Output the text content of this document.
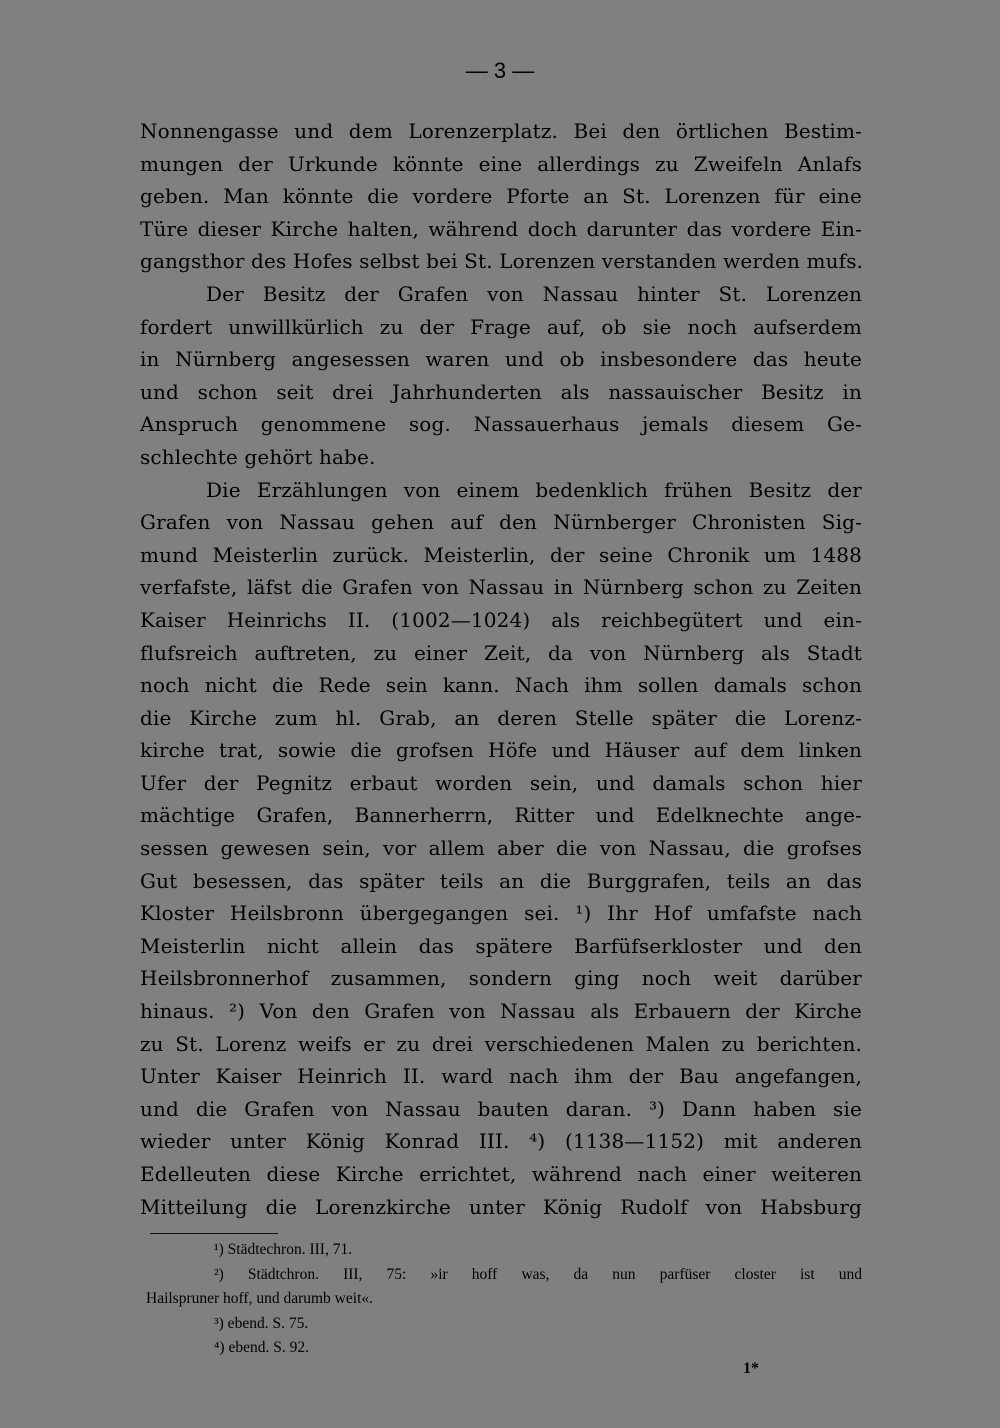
— 3 —
Nonnengasse und dem Lorenzerplatz. Bei den örtlichen Bestim-
mungen der Urkunde könnte eine allerdings zu Zweifeln Anlafs
geben. Man könnte die vordere Pforte an St. Lorenzen für eine
Türe dieser Kirche halten, während doch darunter das vordere Ein-
gangsthor des Hofes selbst bei St. Lorenzen verstanden werden mufs.
Der Besitz der Grafen von Nassau hinter St. Lorenzen
fordert unwillkürlich zu der Frage auf, ob sie noch aufserdem
in Nürnberg angesessen waren und ob insbesondere das heute
und schon seit drei Jahrhunderten als nassauischer Besitz in
Anspruch genommene sog. Nassauerhaus jemals diesem Ge-
schlechte gehört habe.
Die Erzählungen von einem bedenklich frühen Besitz der
Grafen von Nassau gehen auf den Nürnberger Chronisten Sig-
mund Meisterlin zurück. Meisterlin, der seine Chronik um 1488
verfafste, läfst die Grafen von Nassau in Nürnberg schon zu Zeiten
Kaiser Heinrichs II. (1002—1024) als reichbegütert und ein-
flufsreich auftreten, zu einer Zeit, da von Nürnberg als Stadt
noch nicht die Rede sein kann. Nach ihm sollen damals schon
die Kirche zum hl. Grab, an deren Stelle später die Lorenz-
kirche trat, sowie die grofsen Höfe und Häuser auf dem linken
Ufer der Pegnitz erbaut worden sein, und damals schon hier
mächtige Grafen, Bannerherrn, Ritter und Edelknechte ange-
sessen gewesen sein, vor allem aber die von Nassau, die grofses
Gut besessen, das später teils an die Burggrafen, teils an das
Kloster Heilsbronn übergegangen sei. ¹) Ihr Hof umfafste nach
Meisterlin nicht allein das spätere Barfüfserkloster und den
Heilsbronnerhof zusammen, sondern ging noch weit darüber
hinaus. ²) Von den Grafen von Nassau als Erbauern der Kirche
zu St. Lorenz weifs er zu drei verschiedenen Malen zu berichten.
Unter Kaiser Heinrich II. ward nach ihm der Bau angefangen,
und die Grafen von Nassau bauten daran. ³) Dann haben sie
wieder unter König Konrad III. ⁴) (1138—1152) mit anderen
Edelleuten diese Kirche errichtet, während nach einer weiteren
Mitteilung die Lorenzkirche unter König Rudolf von Habsburg
¹) Städtechron. III, 71.
²) Städtchron. III, 75: »ir hoff was, da nun parfüser closter ist und
Hailspruner hoff, und darumb weit«.
³) ebend. S. 75.
⁴) ebend. S. 92.
1*
